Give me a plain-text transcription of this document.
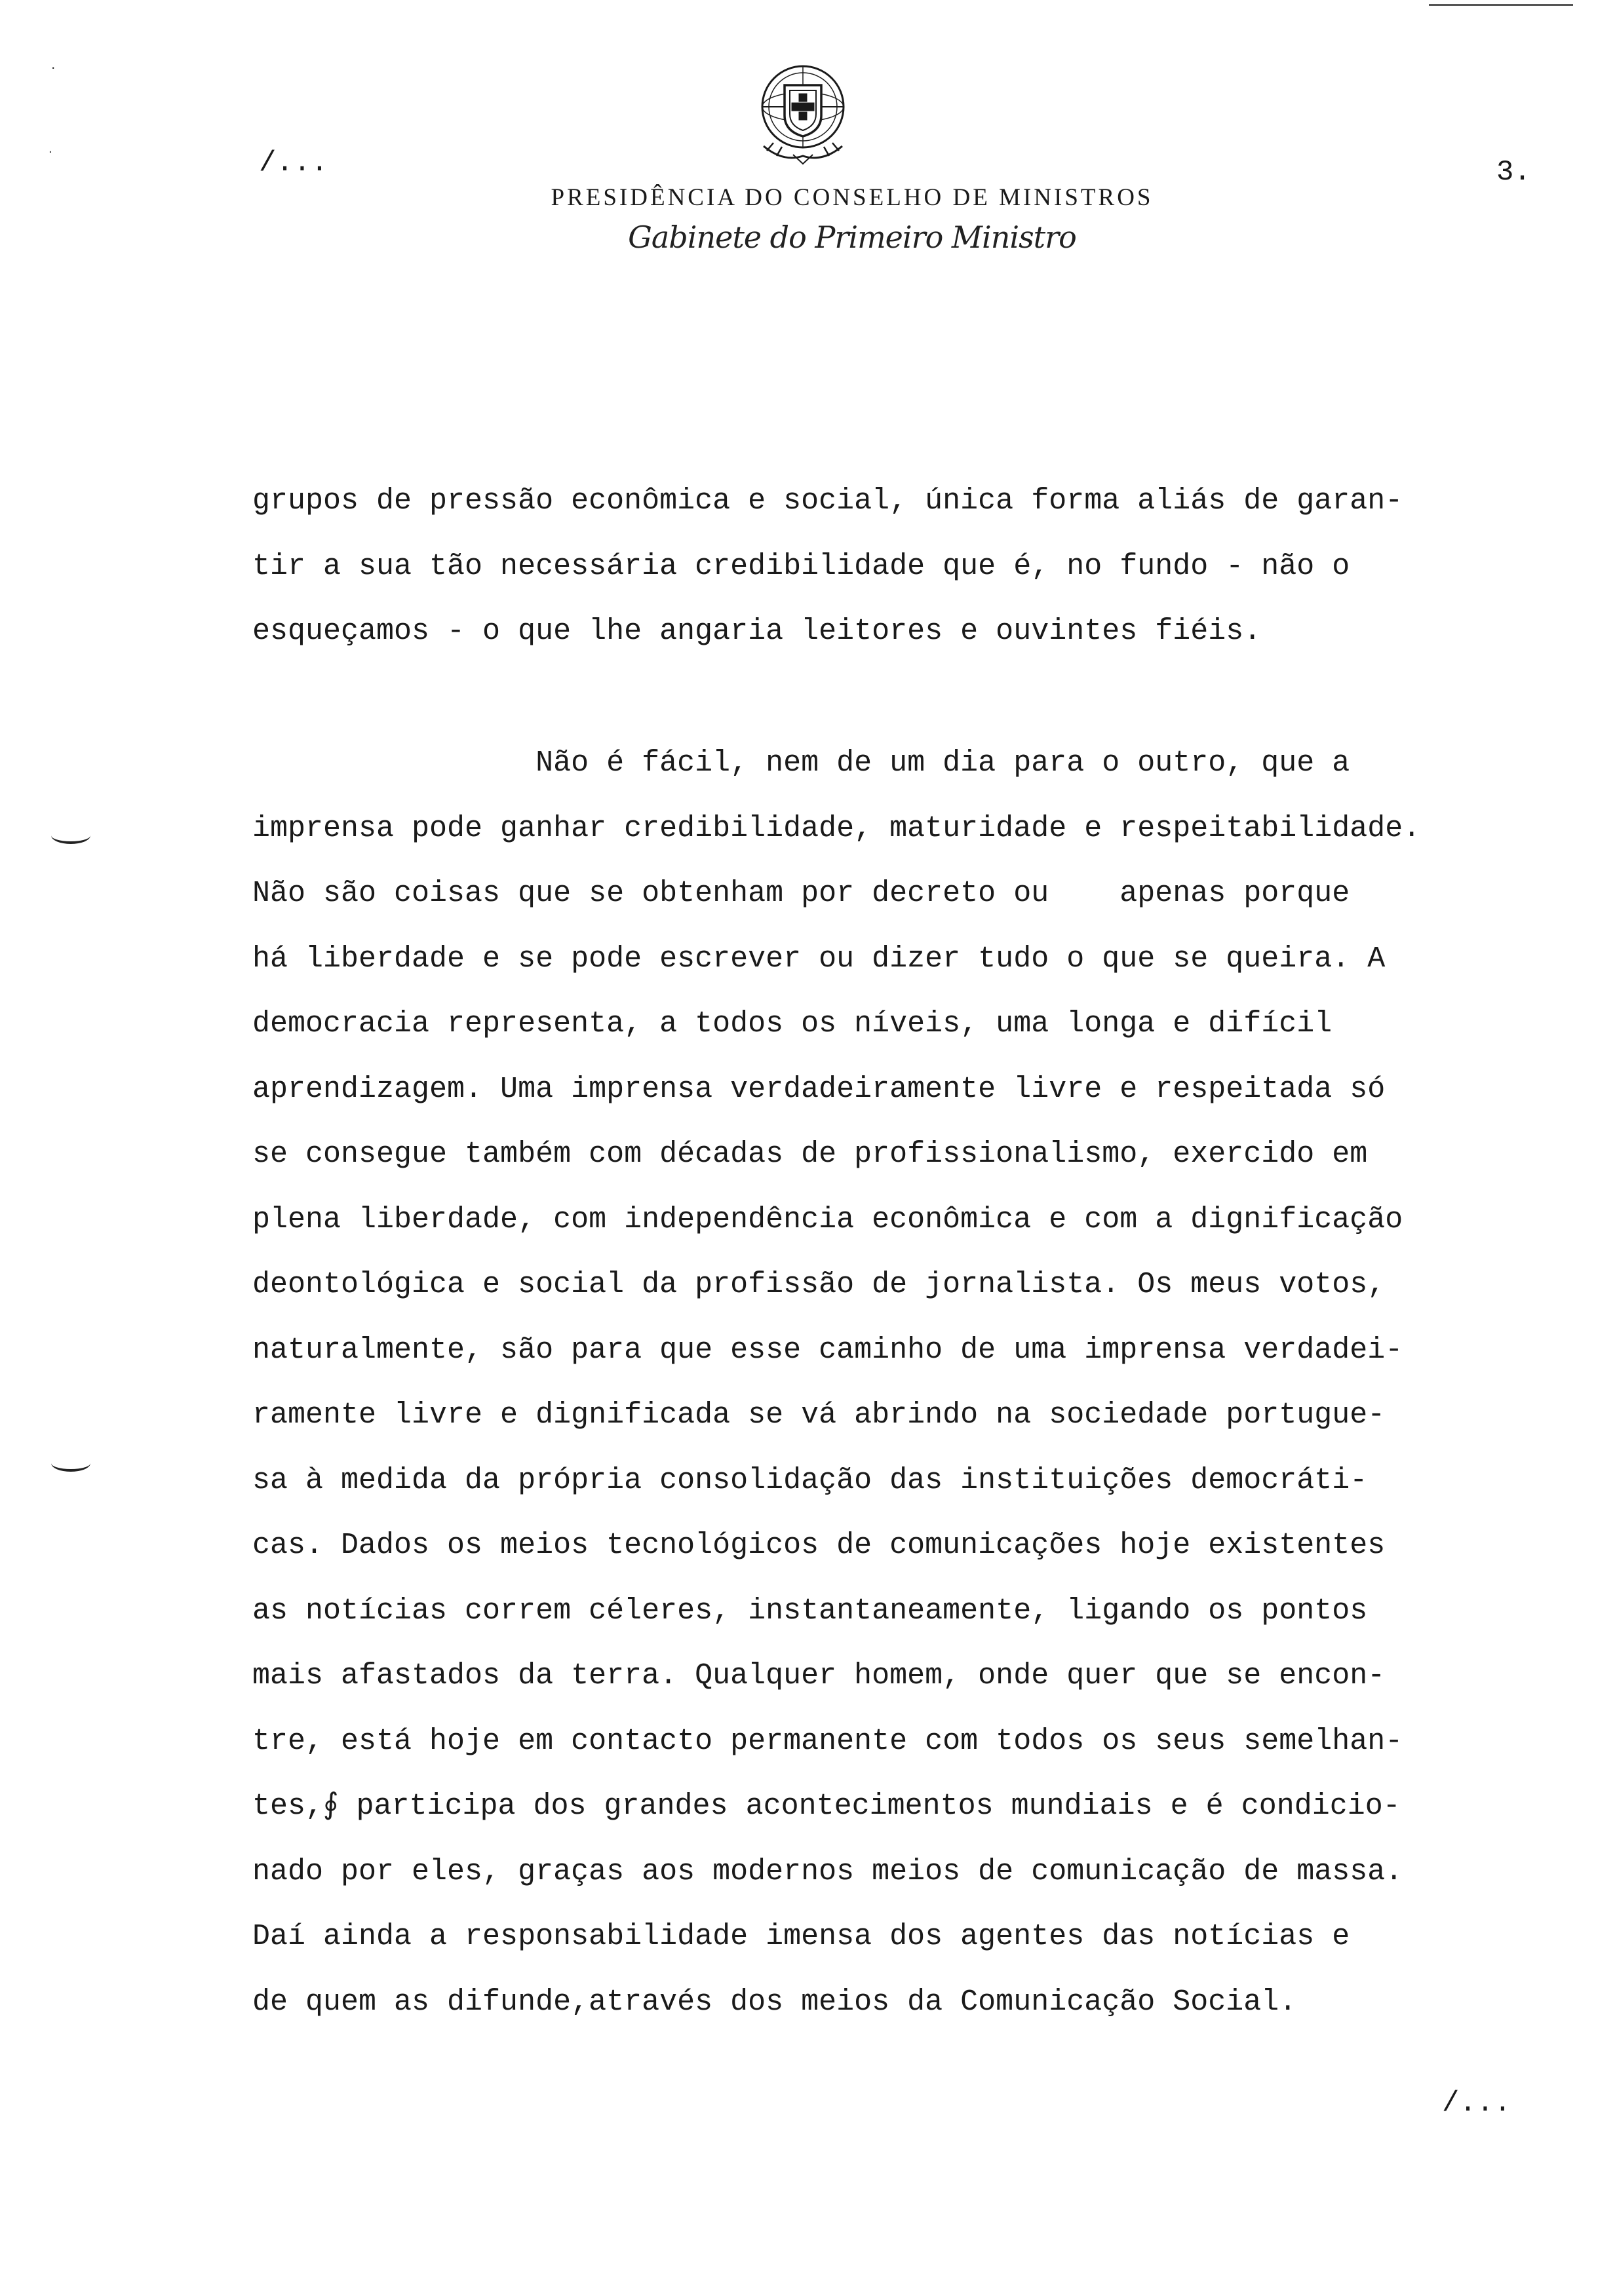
·
·	/...	3.
PRESIDÊNCIA DO CONSELHO DE MINISTROS
Gabinete do Primeiro Ministro
grupos de pressão econômica e social, única forma aliás de garan-
tir a sua tão necessária credibilidade que é, no fundo - não o
esqueçamos - o que lhe angaria leitores e ouvintes fiéis.
Não é fácil, nem de um dia para o outro, que a
imprensa pode ganhar credibilidade, maturidade e respeitabilidade.
Não são coisas que se obtenham por decreto ou    apenas porque
há liberdade e se pode escrever ou dizer tudo o que se queira. A
democracia representa, a todos os níveis, uma longa e difícil
aprendizagem. Uma imprensa verdadeiramente livre e respeitada só
se consegue também com décadas de profissionalismo, exercido em
plena liberdade, com independência econômica e com a dignificação
deontológica e social da profissão de jornalista. Os meus votos,
naturalmente, são para que esse caminho de uma imprensa verdadei-
ramente livre e dignificada se vá abrindo na sociedade portugue-
sa à medida da própria consolidação das instituições democráti-
cas. Dados os meios tecnológicos de comunicações hoje existentes
as notícias correm céleres, instantaneamente, ligando os pontos
mais afastados da terra. Qualquer homem, onde quer que se encon-
tre, está hoje em contacto permanente com todos os seus semelhan-
tes,∮ participa dos grandes acontecimentos mundiais e é condicio-
nado por eles, graças aos modernos meios de comunicação de massa.
Daí ainda a responsabilidade imensa dos agentes das notícias e
de quem as difunde,através dos meios da Comunicação Social.
/...
